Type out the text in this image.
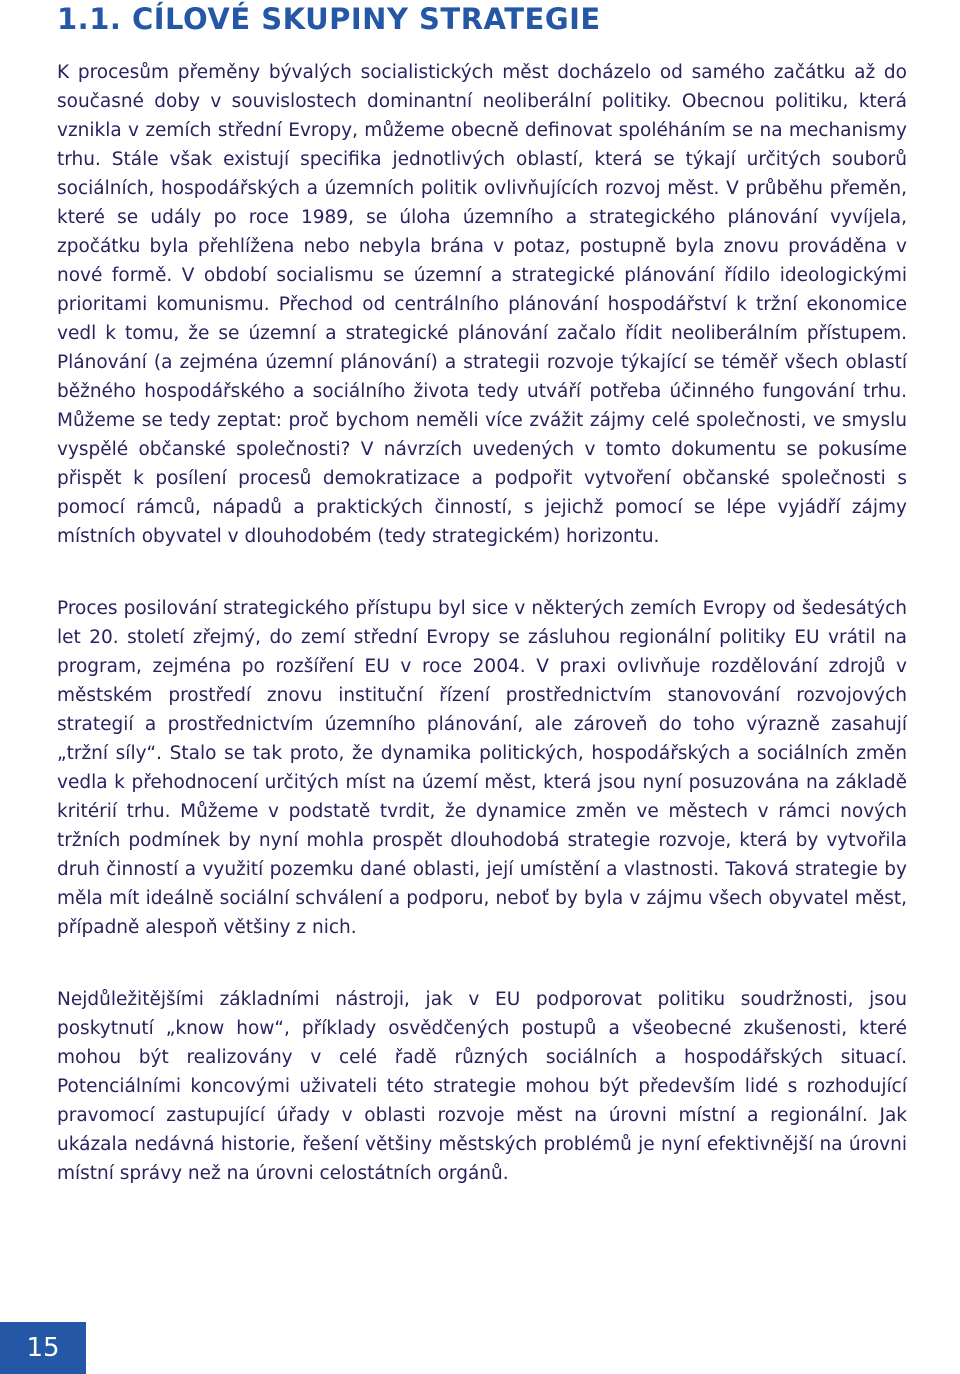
1.1. CÍLOVÉ SKUPINY STRATEGIE

K procesům přeměny bývalých socialistických měst docházelo od samého začátku až do současné doby v souvislostech dominantní neoliberální politiky. Obecnou politiku, která vznikla v zemích střední Evropy, můžeme obecně definovat spoléháním se na mechanismy trhu. Stále však existují specifika jednotlivých oblastí, která se týkají určitých souborů sociálních, hospodářských a územních politik ovlivňujících rozvoj měst. V průběhu přeměn, které se udály po roce 1989, se úloha územního a strategického plánování vyvíjela, zpočátku byla přehlížena nebo nebyla brána v potaz, postupně byla znovu prováděna v nové formě. V období socialismu se územní a strategické plánování řídilo ideologickými prioritami komunismu. Přechod od centrálního plánování hospodářství k tržní ekonomice vedl k tomu, že se územní a strategické plánování začalo řídit neoliberálním přístupem. Plánování (a zejména územní plánování) a strategii rozvoje týkající se téměř všech oblastí běžného hospodářského a sociálního života tedy utváří potřeba účinného fungování trhu. Můžeme se tedy zeptat: proč bychom neměli více zvážit zájmy celé společnosti, ve smyslu vyspělé občanské společnosti? V návrzích uvedených v tomto dokumentu se pokusíme přispět k posílení procesů demokratizace a podpořit vytvoření občanské společnosti s pomocí rámců, nápadů a praktických činností, s jejichž pomocí se lépe vyjádří zájmy místních obyvatel v dlouhodobém (tedy strategickém) horizontu.

Proces posilování strategického přístupu byl sice v některých zemích Evropy od šedesátých let 20. století zřejmý, do zemí střední Evropy se zásluhou regionální politiky EU vrátil na program, zejména po rozšíření EU v roce 2004. V praxi ovlivňuje rozdělování zdrojů v městském prostředí znovu instituční řízení prostřednictvím stanovování rozvojových strategií a prostřednictvím územního plánování, ale zároveň do toho výrazně zasahují „tržní síly“. Stalo se tak proto, že dynamika politických, hospodářských a sociálních změn vedla k přehodnocení určitých míst na území měst, která jsou nyní posuzována na základě kritérií trhu. Můžeme v podstatě tvrdit, že dynamice změn ve městech v rámci nových tržních podmínek by nyní mohla prospět dlouhodobá strategie rozvoje, která by vytvořila druh činností a využití pozemku dané oblasti, její umístění a vlastnosti. Taková strategie by měla mít ideálně sociální schválení a podporu, neboť by byla v zájmu všech obyvatel měst, případně alespoň většiny z nich.

Nejdůležitějšími základními nástroji, jak v EU podporovat politiku soudržnosti, jsou poskytnutí „know how“, příklady osvědčených postupů a všeobecné zkušenosti, které mohou být realizovány v celé řadě různých sociálních a hospodářských situací. Potenciálními koncovými uživateli této strategie mohou být především lidé s rozhodující pravomocí zastupující úřady v oblasti rozvoje měst na úrovni místní a regionální. Jak ukázala nedávná historie, řešení většiny městských problémů je nyní efektivnější na úrovni místní správy než na úrovni celostátních orgánů.

15
